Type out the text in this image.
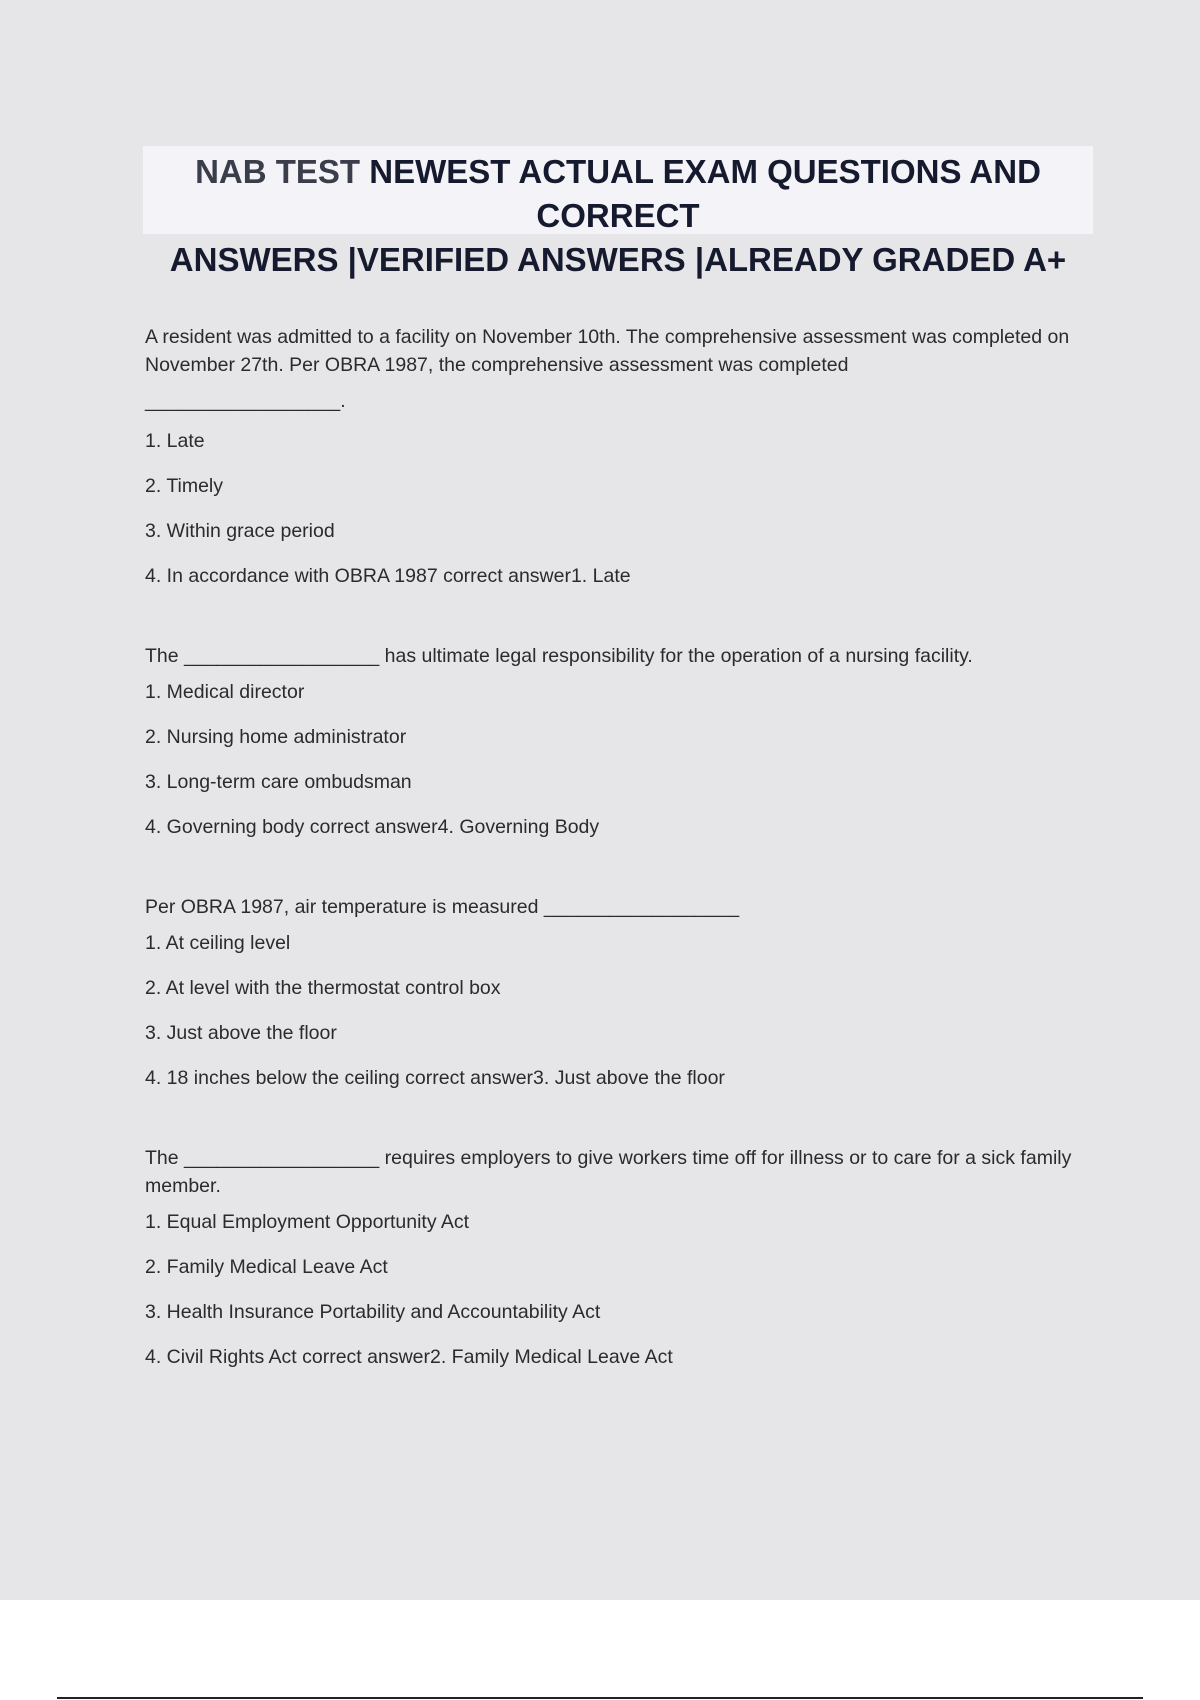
NAB TEST NEWEST ACTUAL EXAM QUESTIONS AND CORRECT
ANSWERS |VERIFIED ANSWERS |ALREADY GRADED A+

A resident was admitted to a facility on November 10th. The comprehensive assessment was completed on November 27th. Per OBRA 1987, the comprehensive assessment was completed

__________________.

1. Late

2. Timely

3. Within grace period

4. In accordance with OBRA 1987 correct answer1. Late

The __________________ has ultimate legal responsibility for the operation of a nursing facility.

1. Medical director

2. Nursing home administrator

3. Long-term care ombudsman

4. Governing body correct answer4. Governing Body

Per OBRA 1987, air temperature is measured __________________

1. At ceiling level

2. At level with the thermostat control box

3. Just above the floor

4. 18 inches below the ceiling correct answer3. Just above the floor

The __________________ requires employers to give workers time off for illness or to care for a sick family member.

1. Equal Employment Opportunity Act

2. Family Medical Leave Act

3. Health Insurance Portability and Accountability Act

4. Civil Rights Act correct answer2. Family Medical Leave Act
